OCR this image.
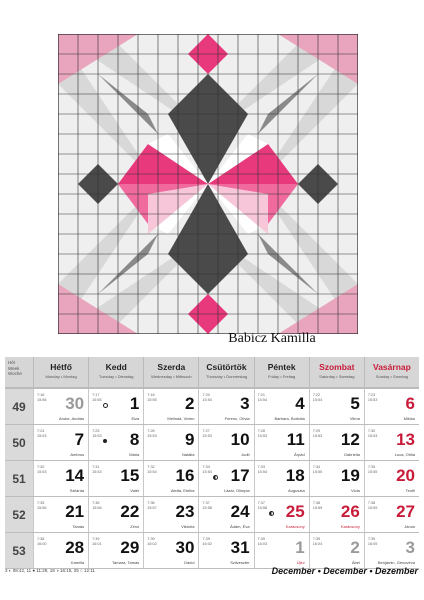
Babicz Kamilla
Hét
Week
Woche
Hétfő
Monday • Montag
Kedd
Tuesday • Dienstag
Szerda
Wednesday • Mittwoch
Csütörtök
Thursday • Donnerstag
Péntek
Friday • Freitag
Szombat
Saturday • Samstag
Vasárnap
Sunday • Sonntag
49
7:16
15:56 30
Andor, András
7:17
15:55 1
Elza
7:18
15:55 2
Melinda, Vivien
7:20
15:54 3
Ferenc, Olívia
7:21
15:54 4
Barbara, Borbála
7:22
15:54 5
Vilma
7:23
15:53 6
Miklós
50
7:24
15:53 7
Ambrus
7:25
15:53 8
Mária
7:26
15:53 9
Natália
7:27
15:53 10
Judit
7:28
15:53 11
Árpád
7:29
15:53 12
Gabriella
7:30
15:53 13
Luca, Otília
51
7:30
15:53 14
Szilárda
7:31
15:53 15
Valér
7:32
15:54 16
Aletta, Etelka
7:33
15:54 17
Lázár, Olimpia
7:33
15:54 18
Auguszta
7:34
15:55 19
Viola
7:35
15:55 20
Teofil
52
7:35
15:56 21
Tamás
7:36
15:56 22
Zénó
7:36
15:57 23
Viktória
7:37
15:58 24
Ádám, Éva
7:37
15:58 25
Karácsony
7:38
15:59 26
Karácsony
7:38
15:59 27
János
53
7:38
16:00 28
Kamilla
7:39
16:01 29
Tamara, Tamás
7:39
16:02 30
Dávid
7:39
16:02 31
Szilveszter
7:39
16:03 1
Újév
7:39
16:04 2
Ábel
7:39
16:05 3
Benjámin, Genovéva
3 ◐ 08:42, 11 ● 11:29, 18 ◑ 16:15, 25 ○ 12:11	December • December • Dezember
